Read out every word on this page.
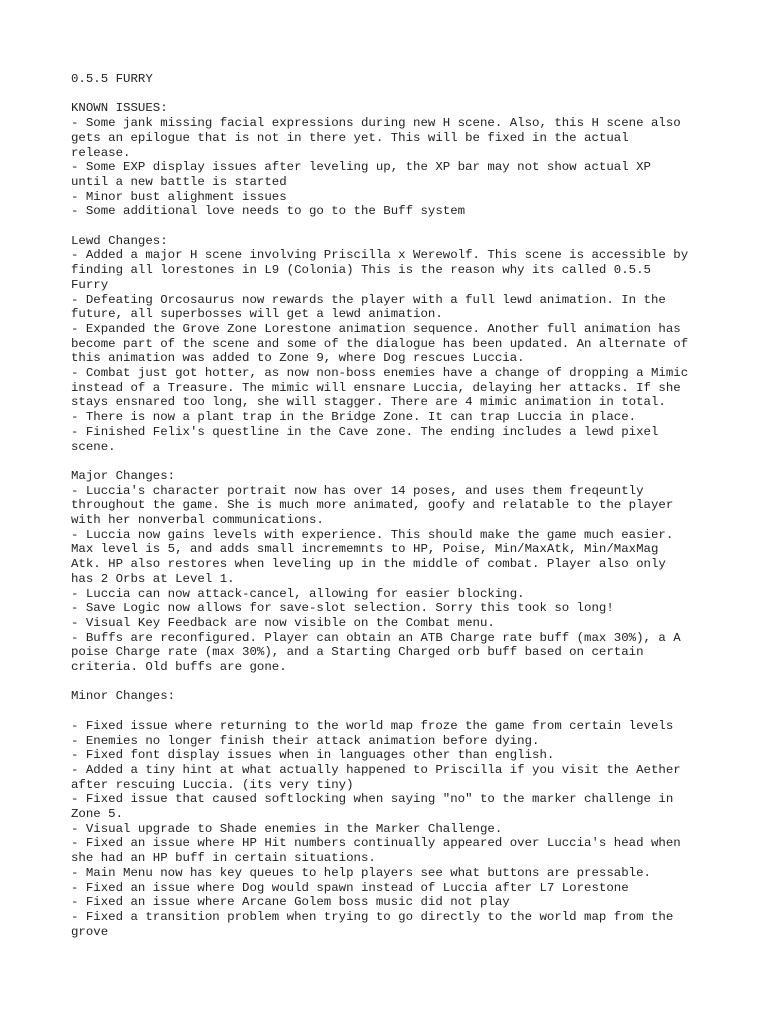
0.5.5 FURRY

KNOWN ISSUES:

- Some jank missing facial expressions during new H scene. Also, this H scene also

gets an epilogue that is not in there yet. This will be fixed in the actual

release.

- Some EXP display issues after leveling up, the XP bar may not show actual XP

until a new battle is started

- Minor bust alighment issues

- Some additional love needs to go to the Buff system

Lewd Changes:

- Added a major H scene involving Priscilla x Werewolf. This scene is accessible by

finding all lorestones in L9 (Colonia) This is the reason why its called 0.5.5

Furry

- Defeating Orcosaurus now rewards the player with a full lewd animation. In the

future, all superbosses will get a lewd animation.

- Expanded the Grove Zone Lorestone animation sequence. Another full animation has

become part of the scene and some of the dialogue has been updated. An alternate of

this animation was added to Zone 9, where Dog rescues Luccia.

- Combat just got hotter, as now non-boss enemies have a change of dropping a Mimic

instead of a Treasure. The mimic will ensnare Luccia, delaying her attacks. If she

stays ensnared too long, she will stagger. There are 4 mimic animation in total.

- There is now a plant trap in the Bridge Zone. It can trap Luccia in place.

- Finished Felix's questline in the Cave zone. The ending includes a lewd pixel

scene.

Major Changes:

- Luccia's character portrait now has over 14 poses, and uses them freqeuntly

throughout the game. She is much more animated, goofy and relatable to the player

with her nonverbal communications.

- Luccia now gains levels with experience. This should make the game much easier.

Max level is 5, and adds small incrememnts to HP, Poise, Min/MaxAtk, Min/MaxMag

Atk. HP also restores when leveling up in the middle of combat. Player also only

has 2 Orbs at Level 1.

- Luccia can now attack-cancel, allowing for easier blocking.

- Save Logic now allows for save-slot selection. Sorry this took so long!

- Visual Key Feedback are now visible on the Combat menu.

- Buffs are reconfigured. Player can obtain an ATB Charge rate buff (max 30%), a A

poise Charge rate (max 30%), and a Starting Charged orb buff based on certain

criteria. Old buffs are gone.

Minor Changes:

- Fixed issue where returning to the world map froze the game from certain levels

- Enemies no longer finish their attack animation before dying.

- Fixed font display issues when in languages other than english.

- Added a tiny hint at what actually happened to Priscilla if you visit the Aether

after rescuing Luccia. (its very tiny)

- Fixed issue that caused softlocking when saying "no" to the marker challenge in

Zone 5.

- Visual upgrade to Shade enemies in the Marker Challenge.

- Fixed an issue where HP Hit numbers continually appeared over Luccia's head when

she had an HP buff in certain situations.

- Main Menu now has key queues to help players see what buttons are pressable.

- Fixed an issue where Dog would spawn instead of Luccia after L7 Lorestone

- Fixed an issue where Arcane Golem boss music did not play

- Fixed a transition problem when trying to go directly to the world map from the

grove
